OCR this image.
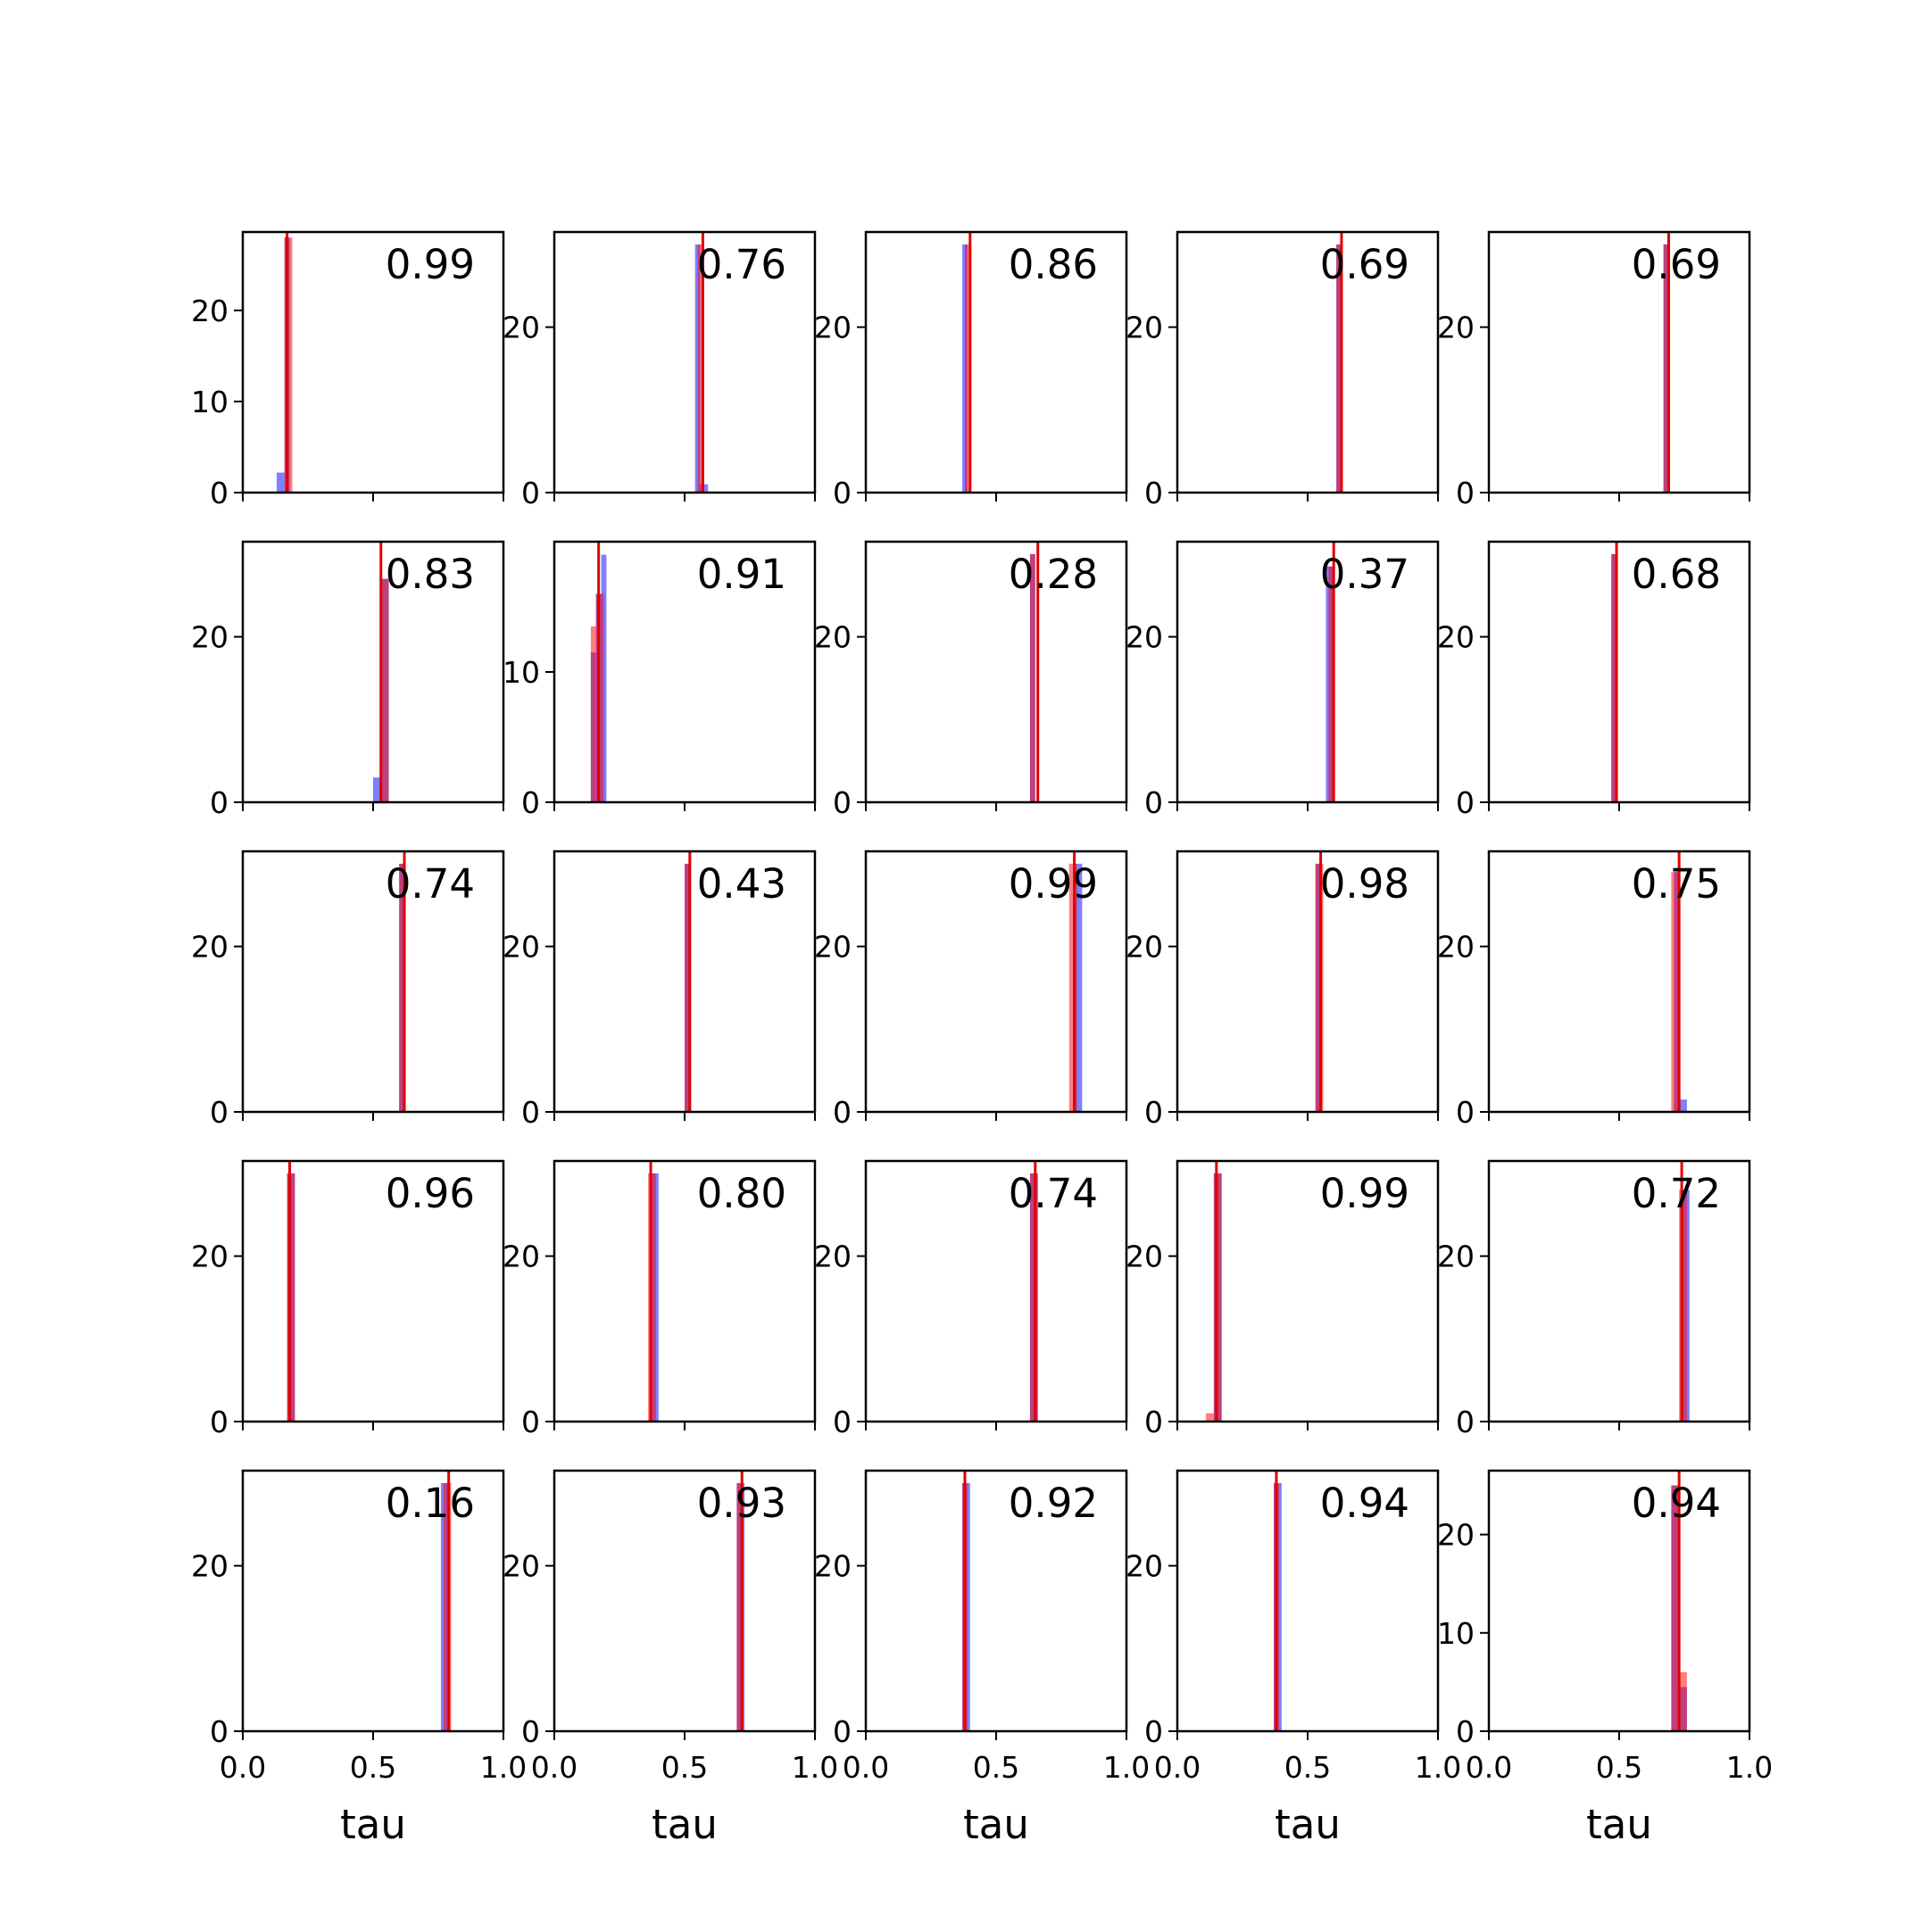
0
10
20
0.99
0
20
0.76
0
20
0.86
0
20
0.69
0
20
0.69
0
20
0.83
0
10
0.91
0
20
0.28
0
20
0.37
0
20
0.68
0
20
0.74
0
20
0.43
0
20
0.99
0
20
0.98
0
20
0.75
0
20
0.96
0
20
0.80
0
20
0.74
0
20
0.99
0
20
0.72
0
20
0.0	0.5	1.0
0.16
tau
0
20
0.0	0.5	1.0
0.93
tau
0
20
0.0	0.5	1.0
0.92
tau
0
20
0.0	0.5	1.0
0.94
tau
0
10
20
0.0	0.5	1.0
0.94
tau
